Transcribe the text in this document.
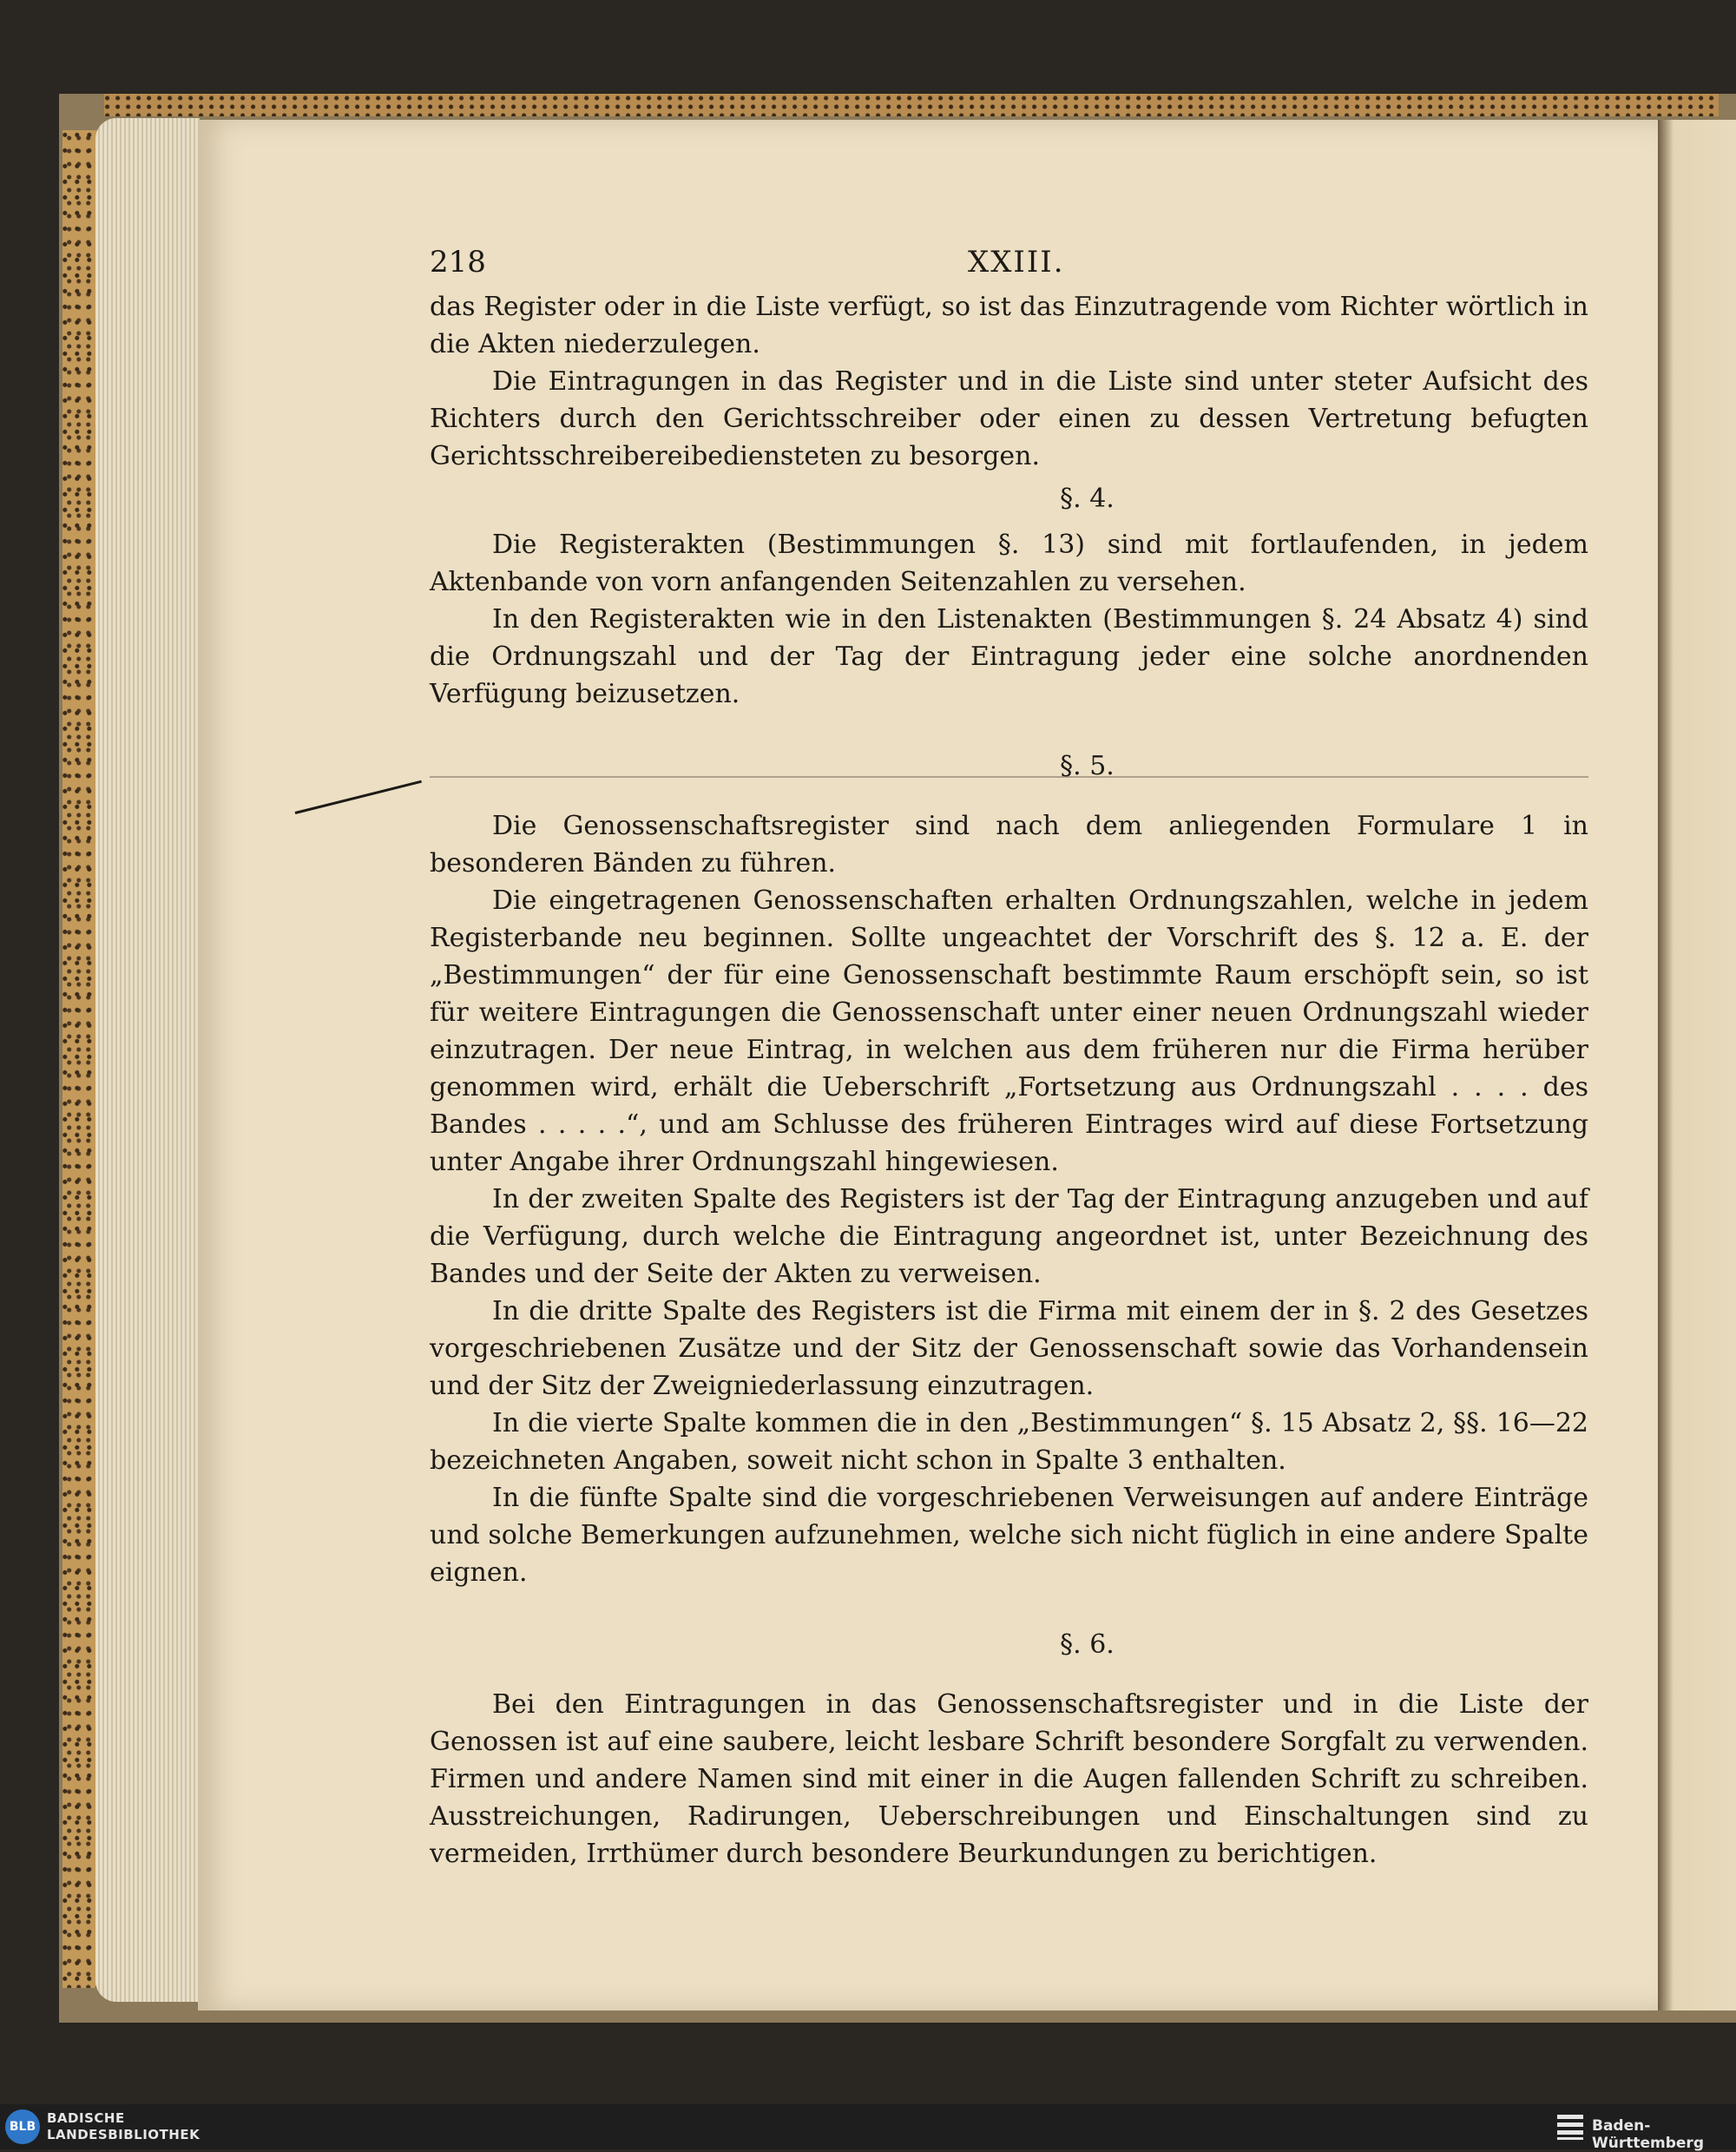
218	XXIII.

das Register oder in die Liste verfügt, so ist das Einzutragende vom Richter wörtlich in die Akten niederzulegen.

Die Eintragungen in das Register und in die Liste sind unter steter Aufsicht des Richters durch den Gerichtsschreiber oder einen zu dessen Vertretung befugten Gerichtsschreibereibediensteten zu besorgen.

§. 4.

Die Registerakten (Bestimmungen §. 13) sind mit fortlaufenden, in jedem Aktenbande von vorn anfangenden Seitenzahlen zu versehen.

In den Registerakten wie in den Listenakten (Bestimmungen §. 24 Absatz 4) sind die Ordnungszahl und der Tag der Eintragung jeder eine solche anordnenden Verfügung beizusetzen.

§. 5.

Die Genossenschaftsregister sind nach dem anliegenden Formulare 1 in besonderen Bänden zu führen.

Die eingetragenen Genossenschaften erhalten Ordnungszahlen, welche in jedem Registerbande neu beginnen. Sollte ungeachtet der Vorschrift des §. 12 a. E. der „Bestimmungen“ der für eine Genossenschaft bestimmte Raum erschöpft sein, so ist für weitere Eintragungen die Genossenschaft unter einer neuen Ordnungszahl wieder einzutragen. Der neue Eintrag, in welchen aus dem früheren nur die Firma herüber genommen wird, erhält die Ueberschrift „Fortsetzung aus Ordnungszahl . . . . des Bandes . . . . .“, und am Schlusse des früheren Eintrages wird auf diese Fortsetzung unter Angabe ihrer Ordnungszahl hingewiesen.

In der zweiten Spalte des Registers ist der Tag der Eintragung anzugeben und auf die Verfügung, durch welche die Eintragung angeordnet ist, unter Bezeichnung des Bandes und der Seite der Akten zu verweisen.

In die dritte Spalte des Registers ist die Firma mit einem der in §. 2 des Gesetzes vorgeschriebenen Zusätze und der Sitz der Genossenschaft sowie das Vorhandensein und der Sitz der Zweigniederlassung einzutragen.

In die vierte Spalte kommen die in den „Bestimmungen“ §. 15 Absatz 2, §§. 16—22 bezeichneten Angaben, soweit nicht schon in Spalte 3 enthalten.

In die fünfte Spalte sind die vorgeschriebenen Verweisungen auf andere Einträge und solche Bemerkungen aufzunehmen, welche sich nicht füglich in eine andere Spalte eignen.

§. 6.

Bei den Eintragungen in das Genossenschaftsregister und in die Liste der Genossen ist auf eine saubere, leicht lesbare Schrift besondere Sorgfalt zu verwenden. Firmen und andere Namen sind mit einer in die Augen fallenden Schrift zu schreiben. Ausstreichungen, Radirungen, Ueberschreibungen und Einschaltungen sind zu vermeiden, Irrthümer durch besondere Beurkundungen zu berichtigen.

BLB
BADISCHE
LANDESBIBLIOTHEK	Baden-Württemberg
